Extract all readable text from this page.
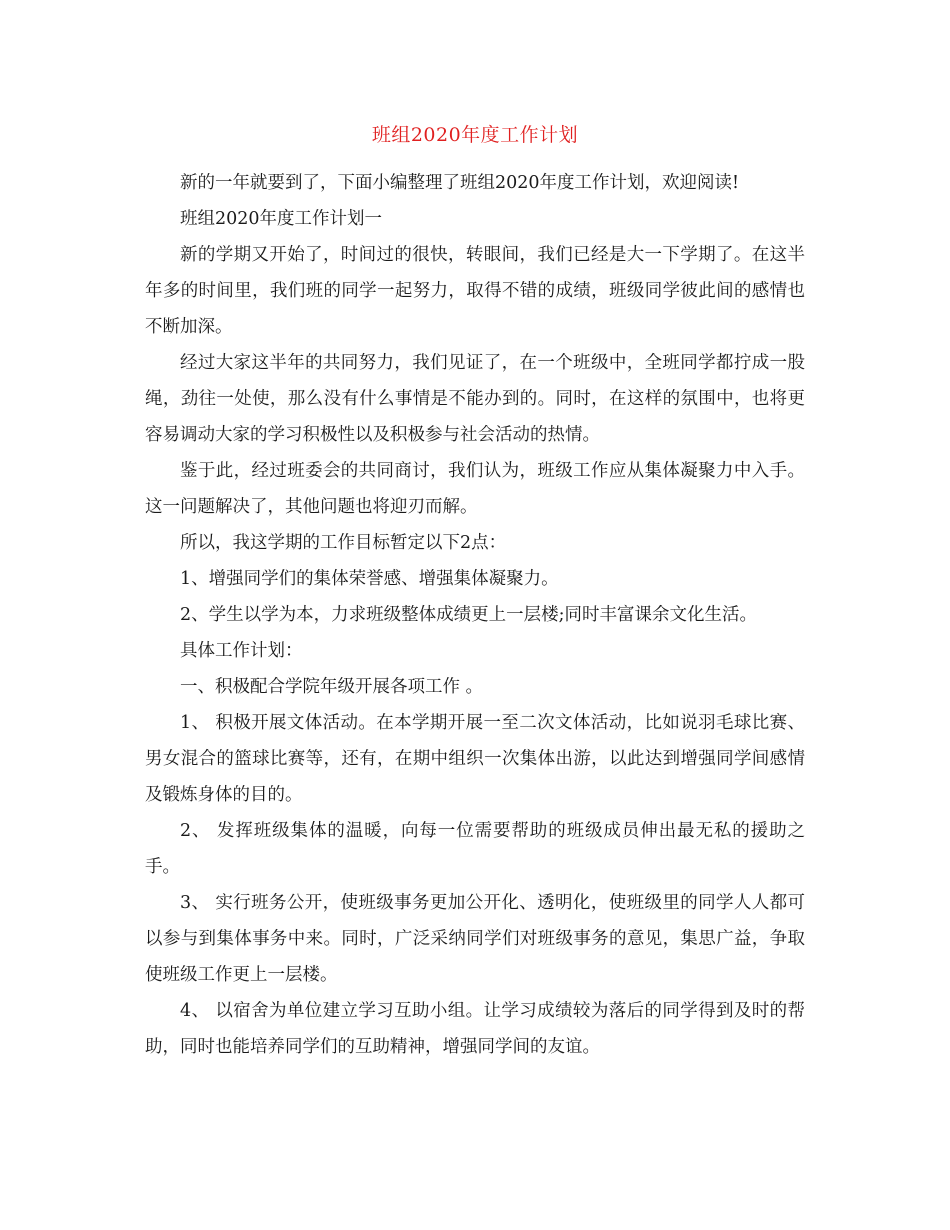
班组2020年度工作计划

新的一年就要到了，下面小编整理了班组2020年度工作计划，欢迎阅读!

班组2020年度工作计划一

新的学期又开始了，时间过的很快，转眼间，我们已经是大一下学期了。在这半年多的时间里，我们班的同学一起努力，取得不错的成绩，班级同学彼此间的感情也不断加深。

经过大家这半年的共同努力，我们见证了，在一个班级中，全班同学都拧成一股绳，劲往一处使，那么没有什么事情是不能办到的。同时，在这样的氛围中，也将更容易调动大家的学习积极性以及积极参与社会活动的热情。

鉴于此，经过班委会的共同商讨，我们认为，班级工作应从集体凝聚力中入手。这一问题解决了，其他问题也将迎刃而解。

所以，我这学期的工作目标暂定以下2点：

1、增强同学们的集体荣誉感、增强集体凝聚力。

2、学生以学为本，力求班级整体成绩更上一层楼;同时丰富课余文化生活。

具体工作计划：

一、积极配合学院年级开展各项工作 。

1、 积极开展文体活动。在本学期开展一至二次文体活动，比如说羽毛球比赛、男女混合的篮球比赛等，还有，在期中组织一次集体出游，以此达到增强同学间感情及锻炼身体的目的。

2、 发挥班级集体的温暖，向每一位需要帮助的班级成员伸出最无私的援助之手。

3、 实行班务公开，使班级事务更加公开化、透明化，使班级里的同学人人都可以参与到集体事务中来。同时，广泛采纳同学们对班级事务的意见，集思广益，争取使班级工作更上一层楼。

4、 以宿舍为单位建立学习互助小组。让学习成绩较为落后的同学得到及时的帮助，同时也能培养同学们的互助精神，增强同学间的友谊。
